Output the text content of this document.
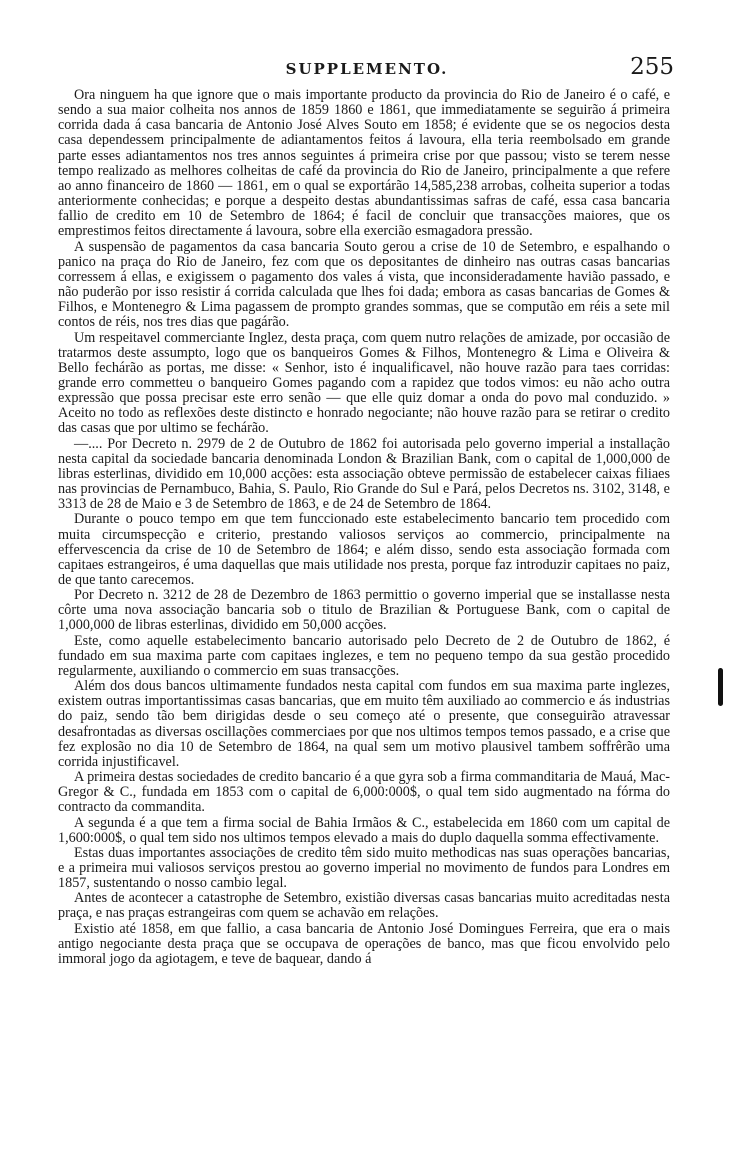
SUPPLEMENTO.	255

Ora ninguem ha que ignore que o mais importante producto da provincia do Rio de Janeiro é o café, e sendo a sua maior colheita nos annos de 1859 1860 e 1861, que immediatamente se seguirão á primeira corrida dada á casa bancaria de Antonio José Alves Souto em 1858; é evidente que se os negocios desta casa dependessem principalmente de adiantamentos feitos á lavoura, ella teria reembolsado em grande parte esses adiantamentos nos tres annos seguintes á primeira crise por que passou; visto se terem nesse tempo realizado as melhores colheitas de café da provincia do Rio de Janeiro, principalmente a que refere ao anno financeiro de 1860 — 1861, em o qual se exportárão 14,585,238 arrobas, colheita superior a todas anteriormente conhecidas; e porque a despeito destas abundantissimas safras de café, essa casa bancaria fallio de credito em 10 de Setembro de 1864; é facil de concluir que transacções maiores, que os emprestimos feitos directamente á lavoura, sobre ella exercião esmagadora pressão.

A suspensão de pagamentos da casa bancaria Souto gerou a crise de 10 de Setembro, e espalhando o panico na praça do Rio de Janeiro, fez com que os depositantes de dinheiro nas outras casas bancarias corressem á ellas, e exigissem o pagamento dos vales á vista, que inconsideradamente havião passado, e não puderão por isso resistir á corrida calculada que lhes foi dada; embora as casas bancarias de Gomes & Filhos, e Montenegro & Lima pagassem de prompto grandes sommas, que se computão em réis a sete mil contos de réis, nos tres dias que pagárão.

Um respeitavel commerciante Inglez, desta praça, com quem nutro relações de amizade, por occasião de tratarmos deste assumpto, logo que os banqueiros Gomes & Filhos, Montenegro & Lima e Oliveira & Bello fechárão as portas, me disse: « Senhor, isto é inqualificavel, não houve razão para taes corridas: grande erro commetteu o banqueiro Gomes pagando com a rapidez que todos vimos: eu não acho outra expressão que possa precisar este erro senão — que elle quiz domar a onda do povo mal conduzido. » Aceito no todo as reflexões deste distincto e honrado negociante; não houve razão para se retirar o credito das casas que por ultimo se fechárão.

—.... Por Decreto n. 2979 de 2 de Outubro de 1862 foi autorisada pelo governo imperial a installação nesta capital da sociedade bancaria denominada London & Brazilian Bank, com o capital de 1,000,000 de libras esterlinas, dividido em 10,000 acções: esta associação obteve permissão de estabelecer caixas filiaes nas provincias de Pernambuco, Bahia, S. Paulo, Rio Grande do Sul e Pará, pelos Decretos ns. 3102, 3148, e 3313 de 28 de Maio e 3 de Setembro de 1863, e de 24 de Setembro de 1864.

Durante o pouco tempo em que tem funccionado este estabelecimento bancario tem procedido com muita circumspecção e criterio, prestando valiosos serviços ao commercio, principalmente na effervescencia da crise de 10 de Setembro de 1864; e além disso, sendo esta associação formada com capitaes estrangeiros, é uma daquellas que mais utilidade nos presta, porque faz introduzir capitaes no paiz, de que tanto carecemos.

Por Decreto n. 3212 de 28 de Dezembro de 1863 permittio o governo imperial que se installasse nesta côrte uma nova associação bancaria sob o titulo de Brazilian & Portuguese Bank, com o capital de 1,000,000 de libras esterlinas, dividido em 50,000 acções.

Este, como aquelle estabelecimento bancario autorisado pelo Decreto de 2 de Outubro de 1862, é fundado em sua maxima parte com capitaes inglezes, e tem no pequeno tempo da sua gestão procedido regularmente, auxiliando o commercio em suas transacções.

Além dos dous bancos ultimamente fundados nesta capital com fundos em sua maxima parte inglezes, existem outras importantissimas casas bancarias, que em muito têm auxiliado ao commercio e ás industrias do paiz, sendo tão bem dirigidas desde o seu começo até o presente, que conseguirão atravessar desafrontadas as diversas oscillações commerciaes por que nos ultimos tempos temos passado, e a crise que fez explosão no dia 10 de Setembro de 1864, na qual sem um motivo plausivel tambem soffrêrão uma corrida injustificavel.

A primeira destas sociedades de credito bancario é a que gyra sob a firma commanditaria de Mauá, Mac-Gregor & C., fundada em 1853 com o capital de 6,000:000$, o qual tem sido augmentado na fórma do contracto da commandita.

A segunda é a que tem a firma social de Bahia Irmãos & C., estabelecida em 1860 com um capital de 1,600:000$, o qual tem sido nos ultimos tempos elevado a mais do duplo daquella somma effectivamente.

Estas duas importantes associações de credito têm sido muito methodicas nas suas operações bancarias, e a primeira mui valiosos serviços prestou ao governo imperial no movimento de fundos para Londres em 1857, sustentando o nosso cambio legal.

Antes de acontecer a catastrophe de Setembro, existião diversas casas bancarias muito acreditadas nesta praça, e nas praças estrangeiras com quem se achavão em relações.

Existio até 1858, em que fallio, a casa bancaria de Antonio José Domingues Ferreira, que era o mais antigo negociante desta praça que se occupava de operações de banco, mas que ficou envolvido pelo immoral jogo da agiotagem, e teve de baquear, dando á
